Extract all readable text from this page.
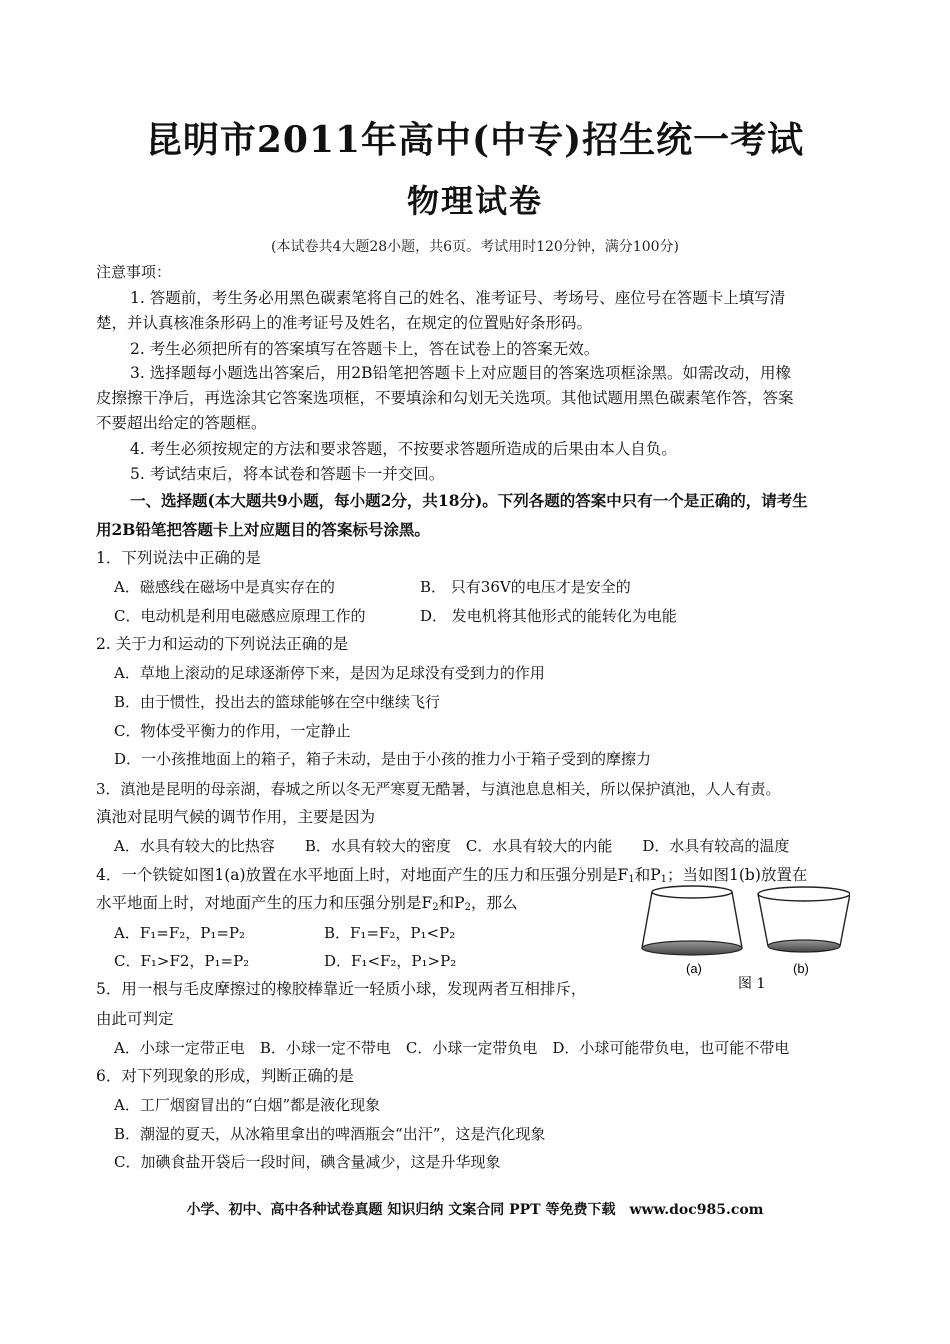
昆明市2011年高中(中专)招生统一考试
物理试卷
(本试卷共4大题28小题，共6页。考试用时120分钟，满分100分)
注意事项：
1. 答题前，考生务必用黑色碳素笔将自己的姓名、准考证号、考场号、座位号在答题卡上填写清
楚，并认真核准条形码上的准考证号及姓名，在规定的位置贴好条形码。
2. 考生必须把所有的答案填写在答题卡上，答在试卷上的答案无效。
3. 选择题每小题选出答案后，用2B铅笔把答题卡上对应题目的答案选项框涂黑。如需改动，用橡
皮擦擦干净后，再选涂其它答案选项框，不要填涂和勾划无关选项。其他试题用黑色碳素笔作答，答案
不要超出给定的答题框。
4. 考生必须按规定的方法和要求答题，不按要求答题所造成的后果由本人自负。
5. 考试结束后，将本试卷和答题卡一并交回。
一、选择题(本大题共9小题，每小题2分，共18分)。下列各题的答案中只有一个是正确的，请考生
用2B铅笔把答题卡上对应题目的答案标号涂黑。
1．下列说法中正确的是
A．磁感线在磁场中是真实存在的	B． 只有36V的电压才是安全的
C．电动机是利用电磁感应原理工作的	D． 发电机将其他形式的能转化为电能
2. 关于力和运动的下列说法正确的是
A．草地上滚动的足球逐渐停下来，是因为足球没有受到力的作用
B．由于惯性，投出去的篮球能够在空中继续飞行
C．物体受平衡力的作用，一定静止
D．一小孩推地面上的箱子，箱子未动，是由于小孩的推力小于箱子受到的摩擦力
3．滇池是昆明的母亲湖，春城之所以冬无严寒夏无酷暑，与滇池息息相关，所以保护滇池，人人有责。
滇池对昆明气候的调节作用，主要是因为
A．水具有较大的比热容　　B．水具有较大的密度　C．水具有较大的内能　　D．水具有较高的温度
4．一个铁锭如图1(a)放置在水平地面上时，对地面产生的压力和压强分别是$F_1$和$P_1$；当如图1(b)放置在
水平地面上时，对地面产生的压力和压强分别是$F_2$和$P_2$，那么
A．F₁=F₂，P₁=P₂	B．F₁=F₂，P₁<P₂
C．F₁>F2，P₁=P₂	D．F₁<F₂，P₁>P₂	(a)	(b)
图 1
5．用一根与毛皮摩擦过的橡胶棒靠近一轻质小球，发现两者互相排斥，
由此可判定
A．小球一定带正电　B．小球一定不带电　C．小球一定带负电　D．小球可能带负电，也可能不带电
6．对下列现象的形成，判断正确的是
A．工厂烟窗冒出的“白烟”都是液化现象
B．潮湿的夏天，从冰箱里拿出的啤酒瓶会“出汗”，这是汽化现象
C．加碘食盐开袋后一段时间，碘含量减少，这是升华现象
小学、初中、高中各种试卷真题 知识归纳 文案合同 PPT 等免费下载　www.doc985.com
